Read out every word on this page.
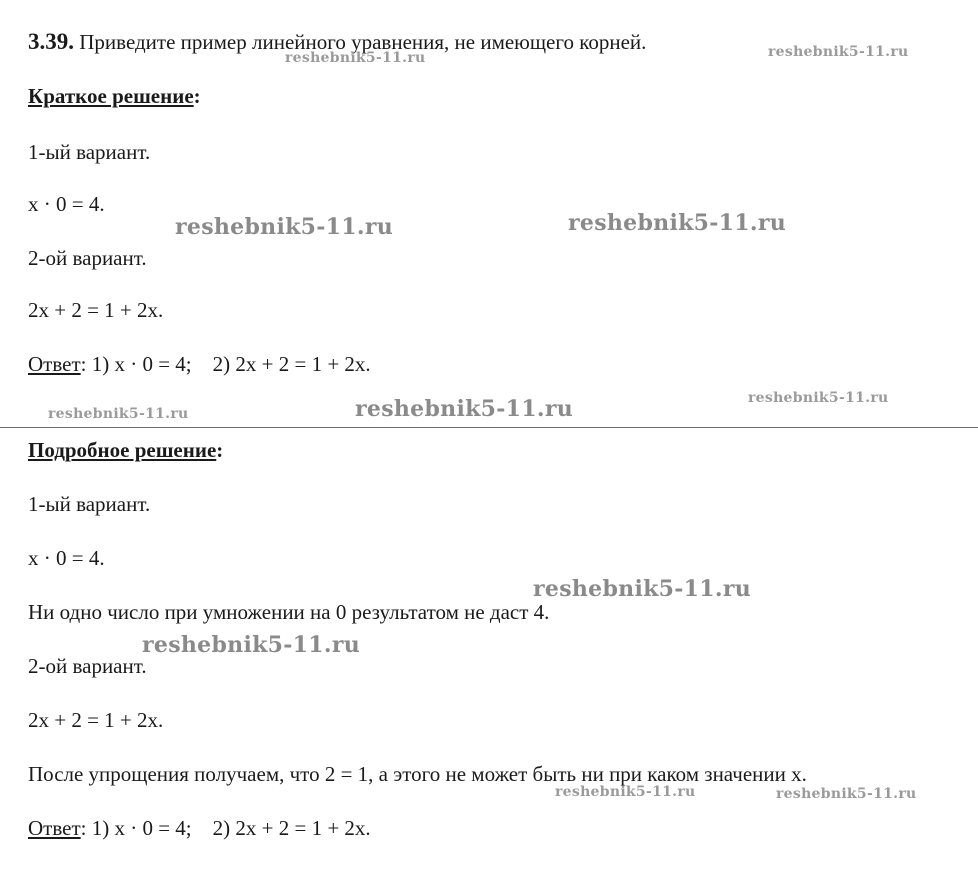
3.39. Приведите пример линейного уравнения, не имеющего корней.
Краткое решение:
1-ый вариант.
x · 0 = 4.
2-ой вариант.
2x + 2 = 1 + 2x.
Ответ: 1) x · 0 = 4;    2) 2x + 2 = 1 + 2x.
Подробное решение:
1-ый вариант.
x · 0 = 4.
Ни одно число при умножении на 0 результатом не даст 4.
2-ой вариант.
2x + 2 = 1 + 2x.
После упрощения получаем, что 2 = 1, а этого не может быть ни при каком значении x.
Ответ: 1) x · 0 = 4;    2) 2x + 2 = 1 + 2x.
reshebnik5-11.ru	reshebnik5-11.ru
reshebnik5-11.ru	reshebnik5-11.ru
reshebnik5-11.ru	reshebnik5-11.ru	reshebnik5-11.ru
reshebnik5-11.ru
reshebnik5-11.ru
reshebnik5-11.ru	reshebnik5-11.ru
